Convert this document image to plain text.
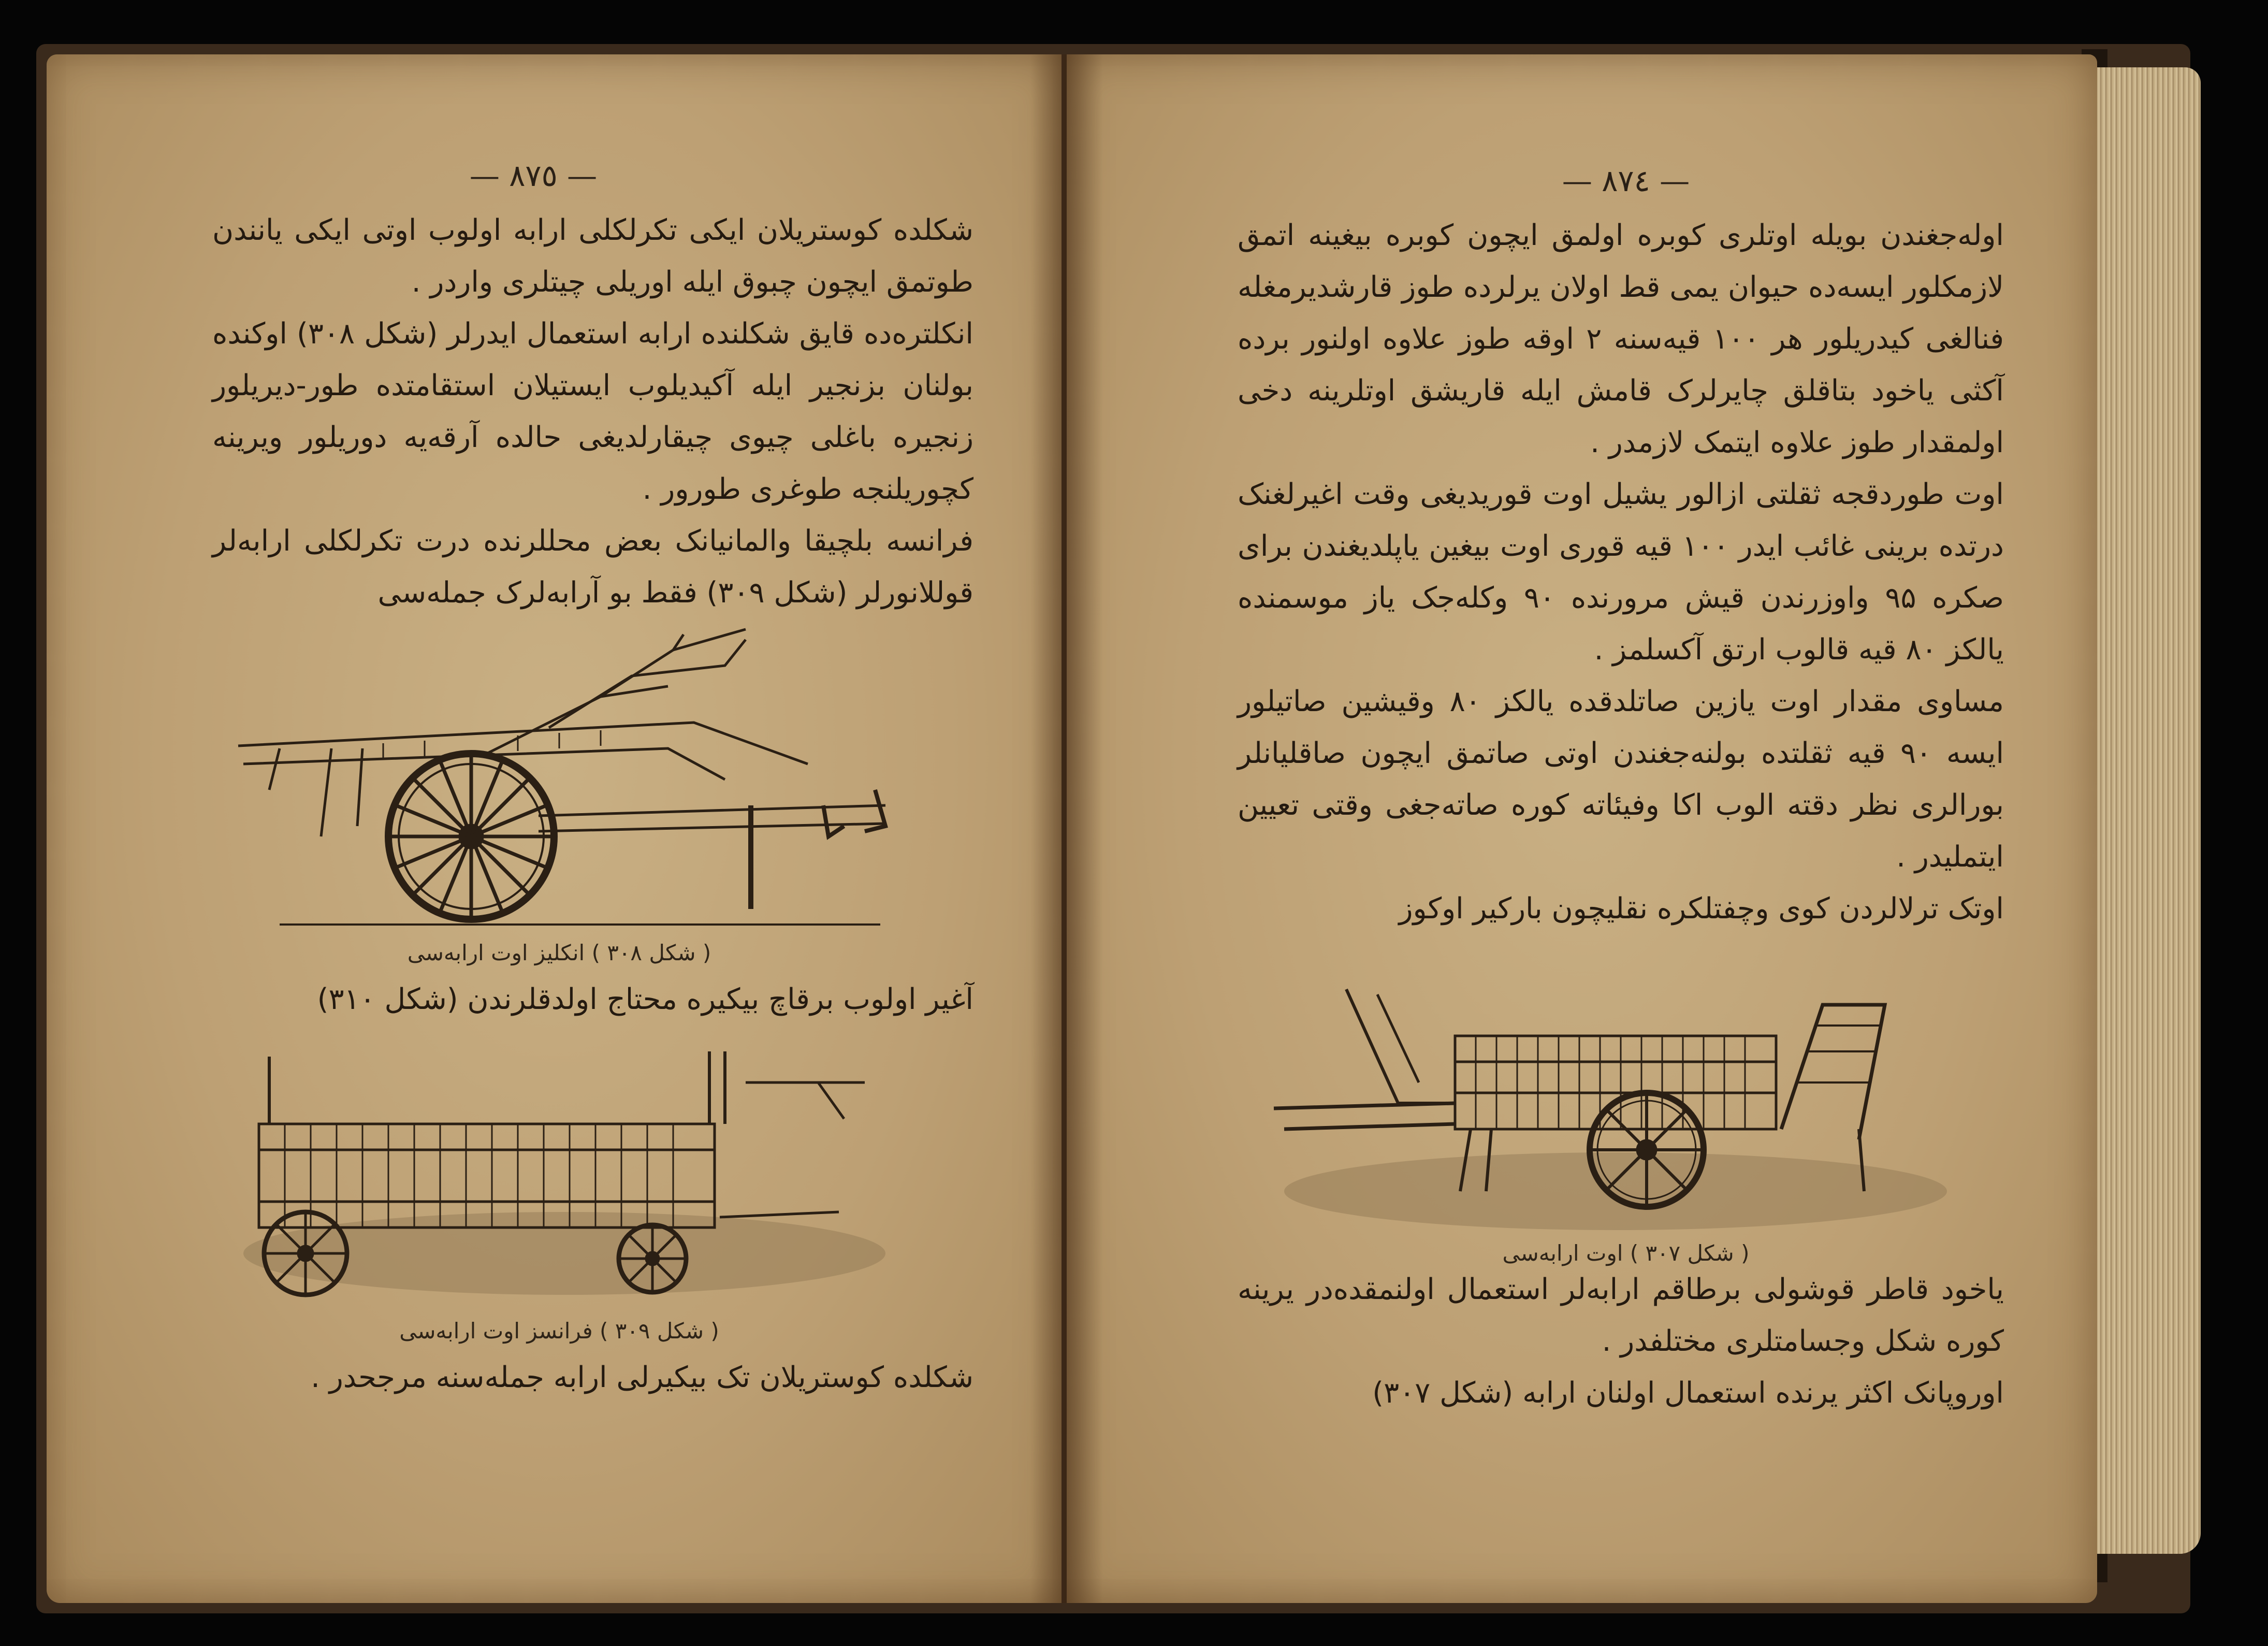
— ٨٧٥ —

شکلده کوستریلان ایکی تکرلکلی ارابه اولوب اوتی ایکی یانندن طوتمق ایچون چبوق ایله اوریلی چیتلری واردر .

انکلتره‌ده قایق شکلنده ارابه استعمال ایدرلر (شکل ۳۰۸) اوکنده بولنان بزنجیر ایله آکیدیلوب ایستیلان استقامتده طور-دیریلور زنجیره باغلی چیوی چیقارلدیغی حالده آرقه‌یه دوریلور ویرینه کچوریلنجه طوغری طورور .

فرانسه بلچیقا والمانیانک بعض محللرنده درت تکرلکلی ارابه‌لر قوللانورلر (شکل ۳۰۹) فقط بو آرابه‌لرک جمله‌سی

( شکل ۳۰۸ ) انکلیز اوت ارابه‌سی
آغیر اولوب برقاچ بیکیره محتاج اولدقلرندن (شکل ۳۱۰)
( شکل ۳۰۹ ) فرانسز اوت ارابه‌سی
شکلده کوستریلان تک بیکیرلی ارابه جمله‌سنه مرجحدر .
— ٨٧٤ —

اوله‌جغندن بویله اوتلری کوبره اولمق ایچون کوبره بیغینه اتمق لازمکلور ایسه‌ده حیوان یمی قط اولان یرلرده طوز قارشدیرمغله فنالغی کیدریلور هر ۱۰۰ قیه‌سنه ۲ اوقه طوز علاوه اولنور برده آکثی یاخود بتاقلق چایرلرک قامش ایله قاریشق اوتلرینه دخی اولمقدار طوز علاوه ایتمک لازمدر .

اوت طوردقجه ثقلتی ازالور یشیل اوت قوریدیغی وقت اغیرلغنک درتده برینی غائب ایدر ۱۰۰ قیه قوری اوت بیغین یاپلدیغندن برای صکره ۹۵ واوزرندن قیش مرورنده ۹۰ وکله‌جک یاز موسمنده یالکز ۸۰ قیه قالوب ارتق آکسلمز .

مساوی مقدار اوت یازین صاتلدقده یالکز ۸۰ وقیشین صاتیلور ایسه ۹۰ قیه ثقلتده بولنه‌جغندن اوتی صاتمق ایچون صاقلیانلر بورالری نظر دقته الوب اکا وفیئاته کوره صاته‌جغی وقتی تعیین ایتملیدر .

اوتک ترلالردن کوی وچفتلکره نقلیچون بارکیر اوکوز

( شکل ۳۰۷ ) اوت ارابه‌سی

یاخود قاطر قوشولی برطاقم ارابه‌لر استعمال اولنمقده‌در یرینه کوره شکل وجسامتلری مختلفدر .

اوروپانک اکثر یرنده استعمال اولنان ارابه (شکل ۳۰۷)
